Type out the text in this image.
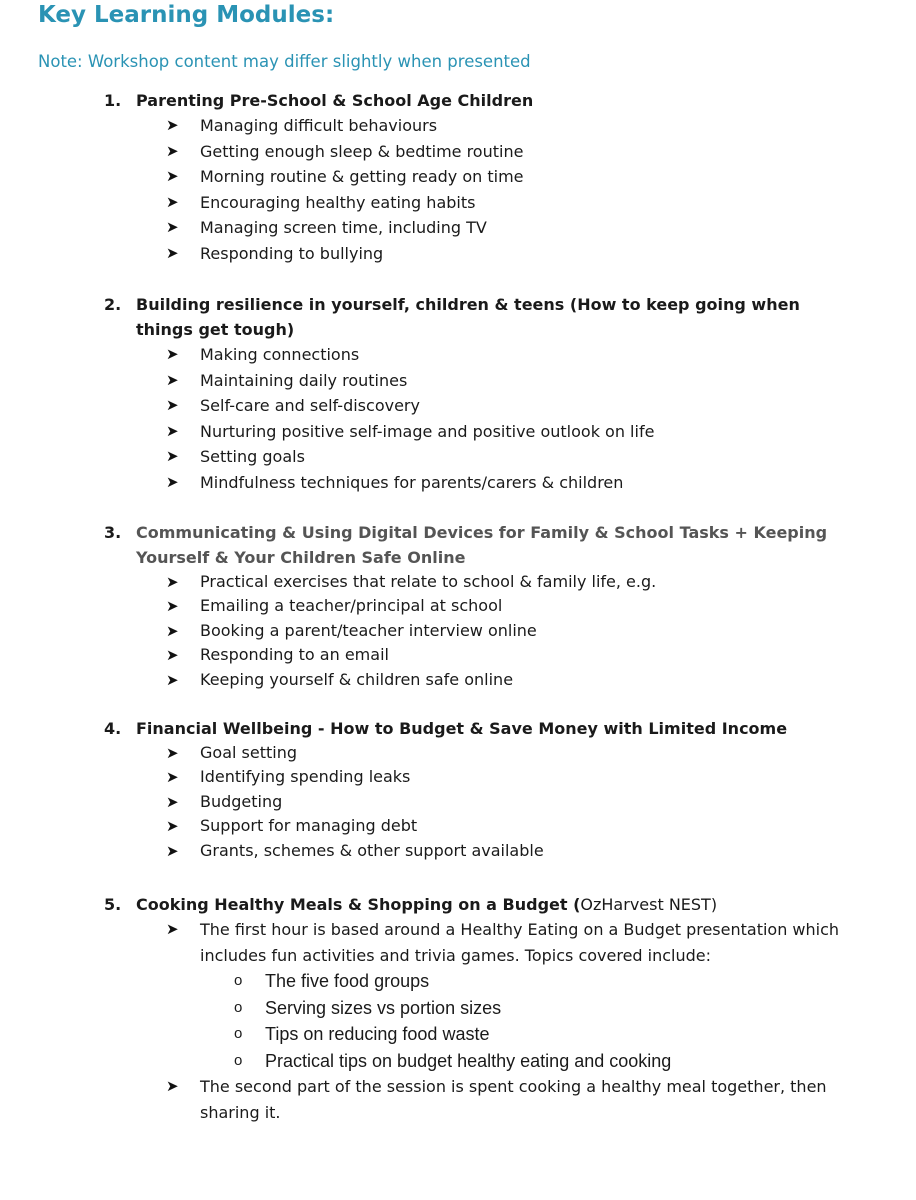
Key Learning Modules:
Note: Workshop content may differ slightly when presented
1. Parenting Pre-School & School Age Children
➤ Managing difficult behaviours
➤ Getting enough sleep & bedtime routine
➤ Morning routine & getting ready on time
➤ Encouraging healthy eating habits
➤ Managing screen time, including TV
➤ Responding to bullying
2. Building resilience in yourself, children & teens (How to keep going when things get tough)
➤ Making connections
➤ Maintaining daily routines
➤ Self-care and self-discovery
➤ Nurturing positive self-image and positive outlook on life
➤ Setting goals
➤ Mindfulness techniques for parents/carers & children
3. Communicating & Using Digital Devices for Family & School Tasks + Keeping Yourself & Your Children Safe Online
➤ Practical exercises that relate to school & family life, e.g.
➤ Emailing a teacher/principal at school
➤ Booking a parent/teacher interview online
➤ Responding to an email
➤ Keeping yourself & children safe online
4. Financial Wellbeing - How to Budget & Save Money with Limited Income
➤ Goal setting
➤ Identifying spending leaks
➤ Budgeting
➤ Support for managing debt
➤ Grants, schemes & other support available
5. Cooking Healthy Meals & Shopping on a Budget (OzHarvest NEST)
➤ The first hour is based around a Healthy Eating on a Budget presentation which includes fun activities and trivia games. Topics covered include:
o The five food groups
o Serving sizes vs portion sizes
o Tips on reducing food waste
o Practical tips on budget healthy eating and cooking
➤ The second part of the session is spent cooking a healthy meal together, then sharing it.
